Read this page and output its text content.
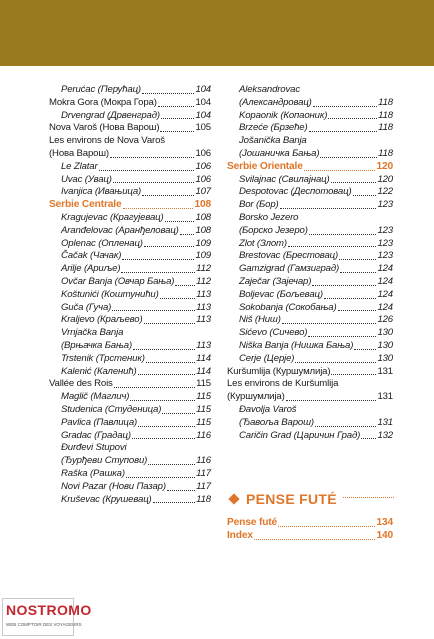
Perućac (Перућац)	104
Mokra Gora (Мокра Гора)	104
Drvengrad (Дрвенград)	104
Nova Varoš (Нова Варош)	105
Les environs de Nova Varoš
(Нова Варош)	106
Le Zlatar	106
Uvac (Увац)	106
Ivanjica (Ивањица)	107
Serbie Centrale	108
Kragujevac (Крагујевац)	108
Aranđelovac (Аранђеловац) 108
Oplenac (Опленац)	109
Čačak (Чачак)	109
Arilje (Ариље)	112
Ovčar Banja (Овчар Бања) 112
Koštunići (Коштунићи)	113
Guča (Гуча)	113
Kraljevo (Краљево)	113
Vrnjačka Banja
(Врњачка Бања)	113
Trstenik (Трстеник)	114
Kalenić (Каленић)	114
Vallée des Rois	115
Maglič (Маглич)	115
Studenica (Студеница)	115
Pavlica (Павлица)	115
Gradac (Градац)	116
Đurđevi Stupovi
(Ђурђеви Ступови)	116
Raška (Рашка)	117
Novi Pazar (Нови Пазар)	117
Kruševac (Крушевац)	118
Aleksandrovac
(Александровац)	118
Kopaonik (Копаоник)	118
Brzeće (Брзеће)	118
Jošanička Banja
(Јошаничка Бања)	118
Serbie Orientale	120
Svilajnac (Свилајнац)	120
Despotovac (Деспотовац)	122
Bor (Бор)	123
Borsko Jezero
(Борско Језеро)	123
Zlot (Злот)	123
Brestovac (Брестовац)	123
Gamzigrad (Гамзиград)	124
Zaječar (Зајечар)	124
Boljevac (Бољевац)	124
Sokobanja (Сокобања)	124
Niš (Ниш)	126
Sićevo (Сичево)	130
Niška Banja (Нишка Бања)	130
Cerje (Церје)	130
Kuršumlija (Куршумлија)	131
Les environs de Kuršumlija
(Куршумлија)	131
Đavolja Varoš
(Ђавоља Варош)	131
Caričin Grad (Царичин Град) 132
PENSE FUTÉ
Pense futé	134
Index	140
NOSTROMO
WEB COMPTOIR DES VOYAGEURS
